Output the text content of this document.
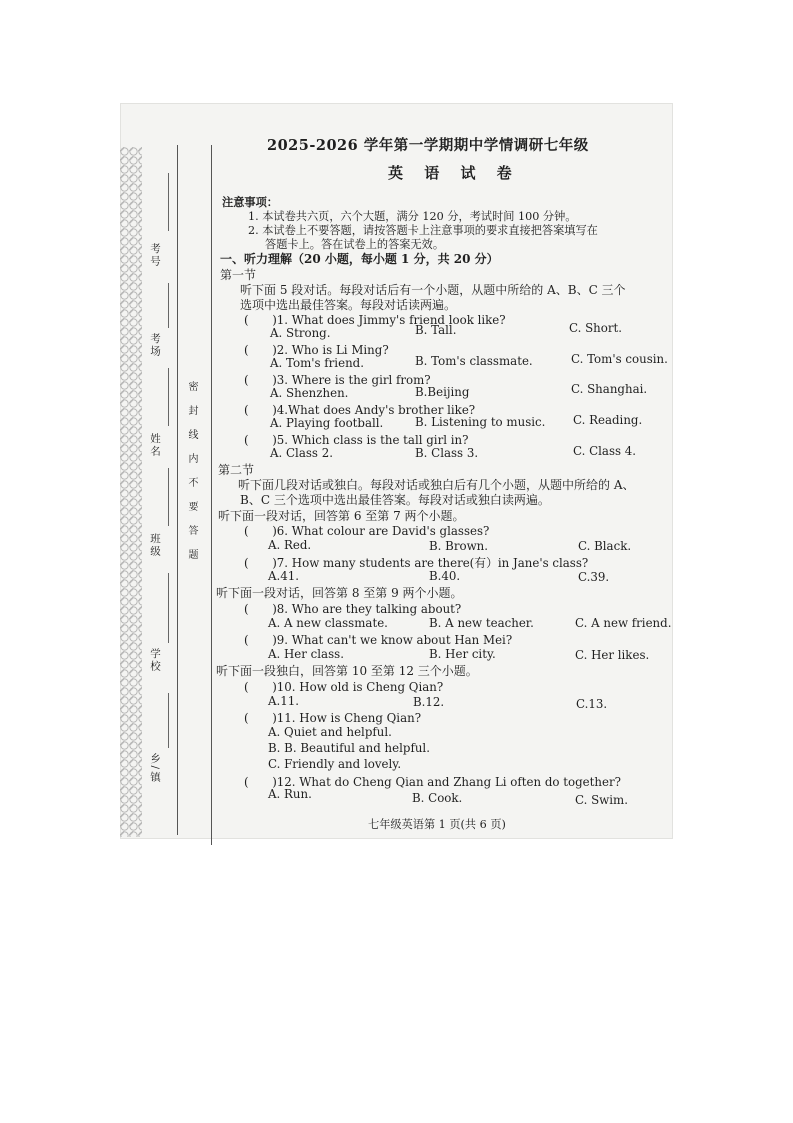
考号
考场
姓名
班级
学校
乡/镇
密封线内不要答题
2025-2026 学年第一学期期中学情调研七年级
英 语 试 卷
注意事项：
1. 本试卷共六页，六个大题，满分 120 分，考试时间 100 分钟。
2. 本试卷上不要答题，请按答题卡上注意事项的要求直接把答案填写在
答题卡上。答在试卷上的答案无效。
一、听力理解（20 小题，每小题 1 分，共 20 分）
第一节
听下面 5 段对话。每段对话后有一个小题，从题中所给的 A、B、C 三个
选项中选出最佳答案。每段对话读两遍。
(　　)1. What does Jimmy's friend look like?
A. Strong.	B. Tall.	C. Short.
(　　)2. Who is Li Ming?
A. Tom's friend.	B. Tom's classmate.	C. Tom's cousin.
(　　)3. Where is the girl from?
A. Shenzhen.	B.Beijing	C. Shanghai.
(　　)4.What does Andy's brother like?
A. Playing football.	B. Listening to music. C. Reading.
(　　)5. Which class is the tall girl in?
A. Class 2.	B. Class 3.	C. Class 4.
第二节
听下面几段对话或独白。每段对话或独白后有几个小题，从题中所给的 A、
B、C 三个选项中选出最佳答案。每段对话或独白读两遍。
听下面一段对话，回答第 6 至第 7 两个小题。
(　　)6. What colour are David's glasses?
A. Red.	B. Brown.	C. Black.
(　　)7. How many students are there(有）in Jane's class?
A.41.	B.40.	C.39.
听下面一段对话，回答第 8 至第 9 两个小题。
(　　)8. Who are they talking about?
A. A new classmate.	B. A new teacher.	C. A new friend.
(　　)9. What can't we know about Han Mei?
A. Her class.	B. Her city.	C. Her likes.
听下面一段独白，回答第 10 至第 12 三个小题。
(　　)10. How old is Cheng Qian?
A.11.	B.12.	C.13.
(　　)11. How is Cheng Qian?
A. Quiet and helpful.
B. B. Beautiful and helpful.
C. Friendly and lovely.
(　　)12. What do Cheng Qian and Zhang Li often do together?
A. Run.	B. Cook.	C. Swim.
七年级英语第 1 页(共 6 页)
